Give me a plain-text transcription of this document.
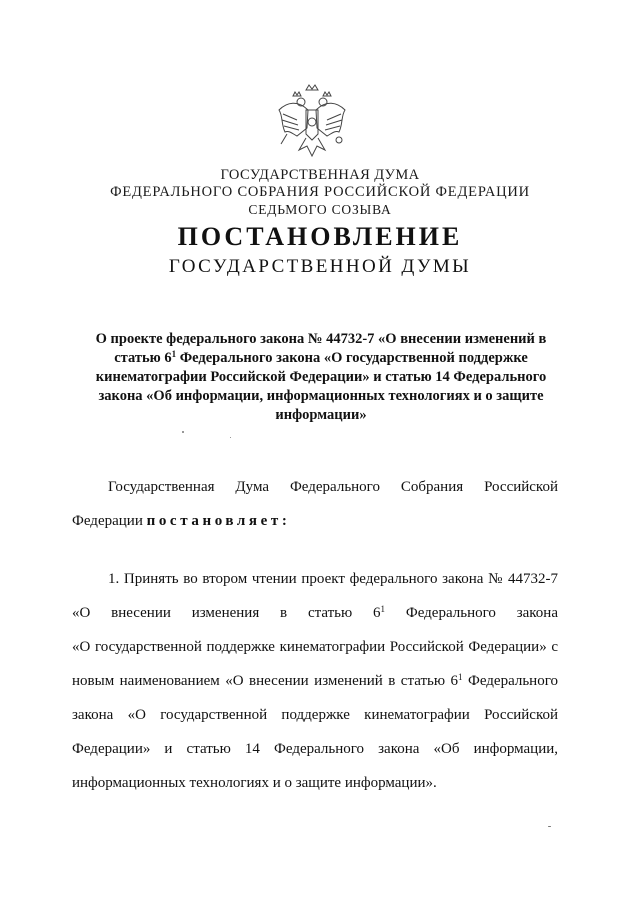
ГОСУДАРСТВЕННАЯ ДУМА
ФЕДЕРАЛЬНОГО СОБРАНИЯ РОССИЙСКОЙ ФЕДЕРАЦИИ
СЕДЬМОГО СОЗЫВА
ПОСТАНОВЛЕНИЕ
ГОСУДАРСТВЕННОЙ ДУМЫ
О проекте федерального закона № 44732-7 «О внесении изменений в статью $6^1$ Федерального закона «О государственной поддержке кинематографии Российской Федерации» и статью 14 Федерального закона «Об информации, информационных технологиях и о защите информации»
Государственная Дума Федерального Собрания Российской
Федерации постановляет:
1. Принять во втором чтении проект федерального закона № 44732-7
«О внесении изменения в статью $6^1$ Федерального закона
«О государственной поддержке кинематографии Российской Федерации» с
новым наименованием «О внесении изменений в статью $6^1$ Федерального
закона «О государственной поддержке кинематографии Российской
Федерации» и статью 14 Федерального закона «Об информации,
информационных технологиях и о защите информации».
